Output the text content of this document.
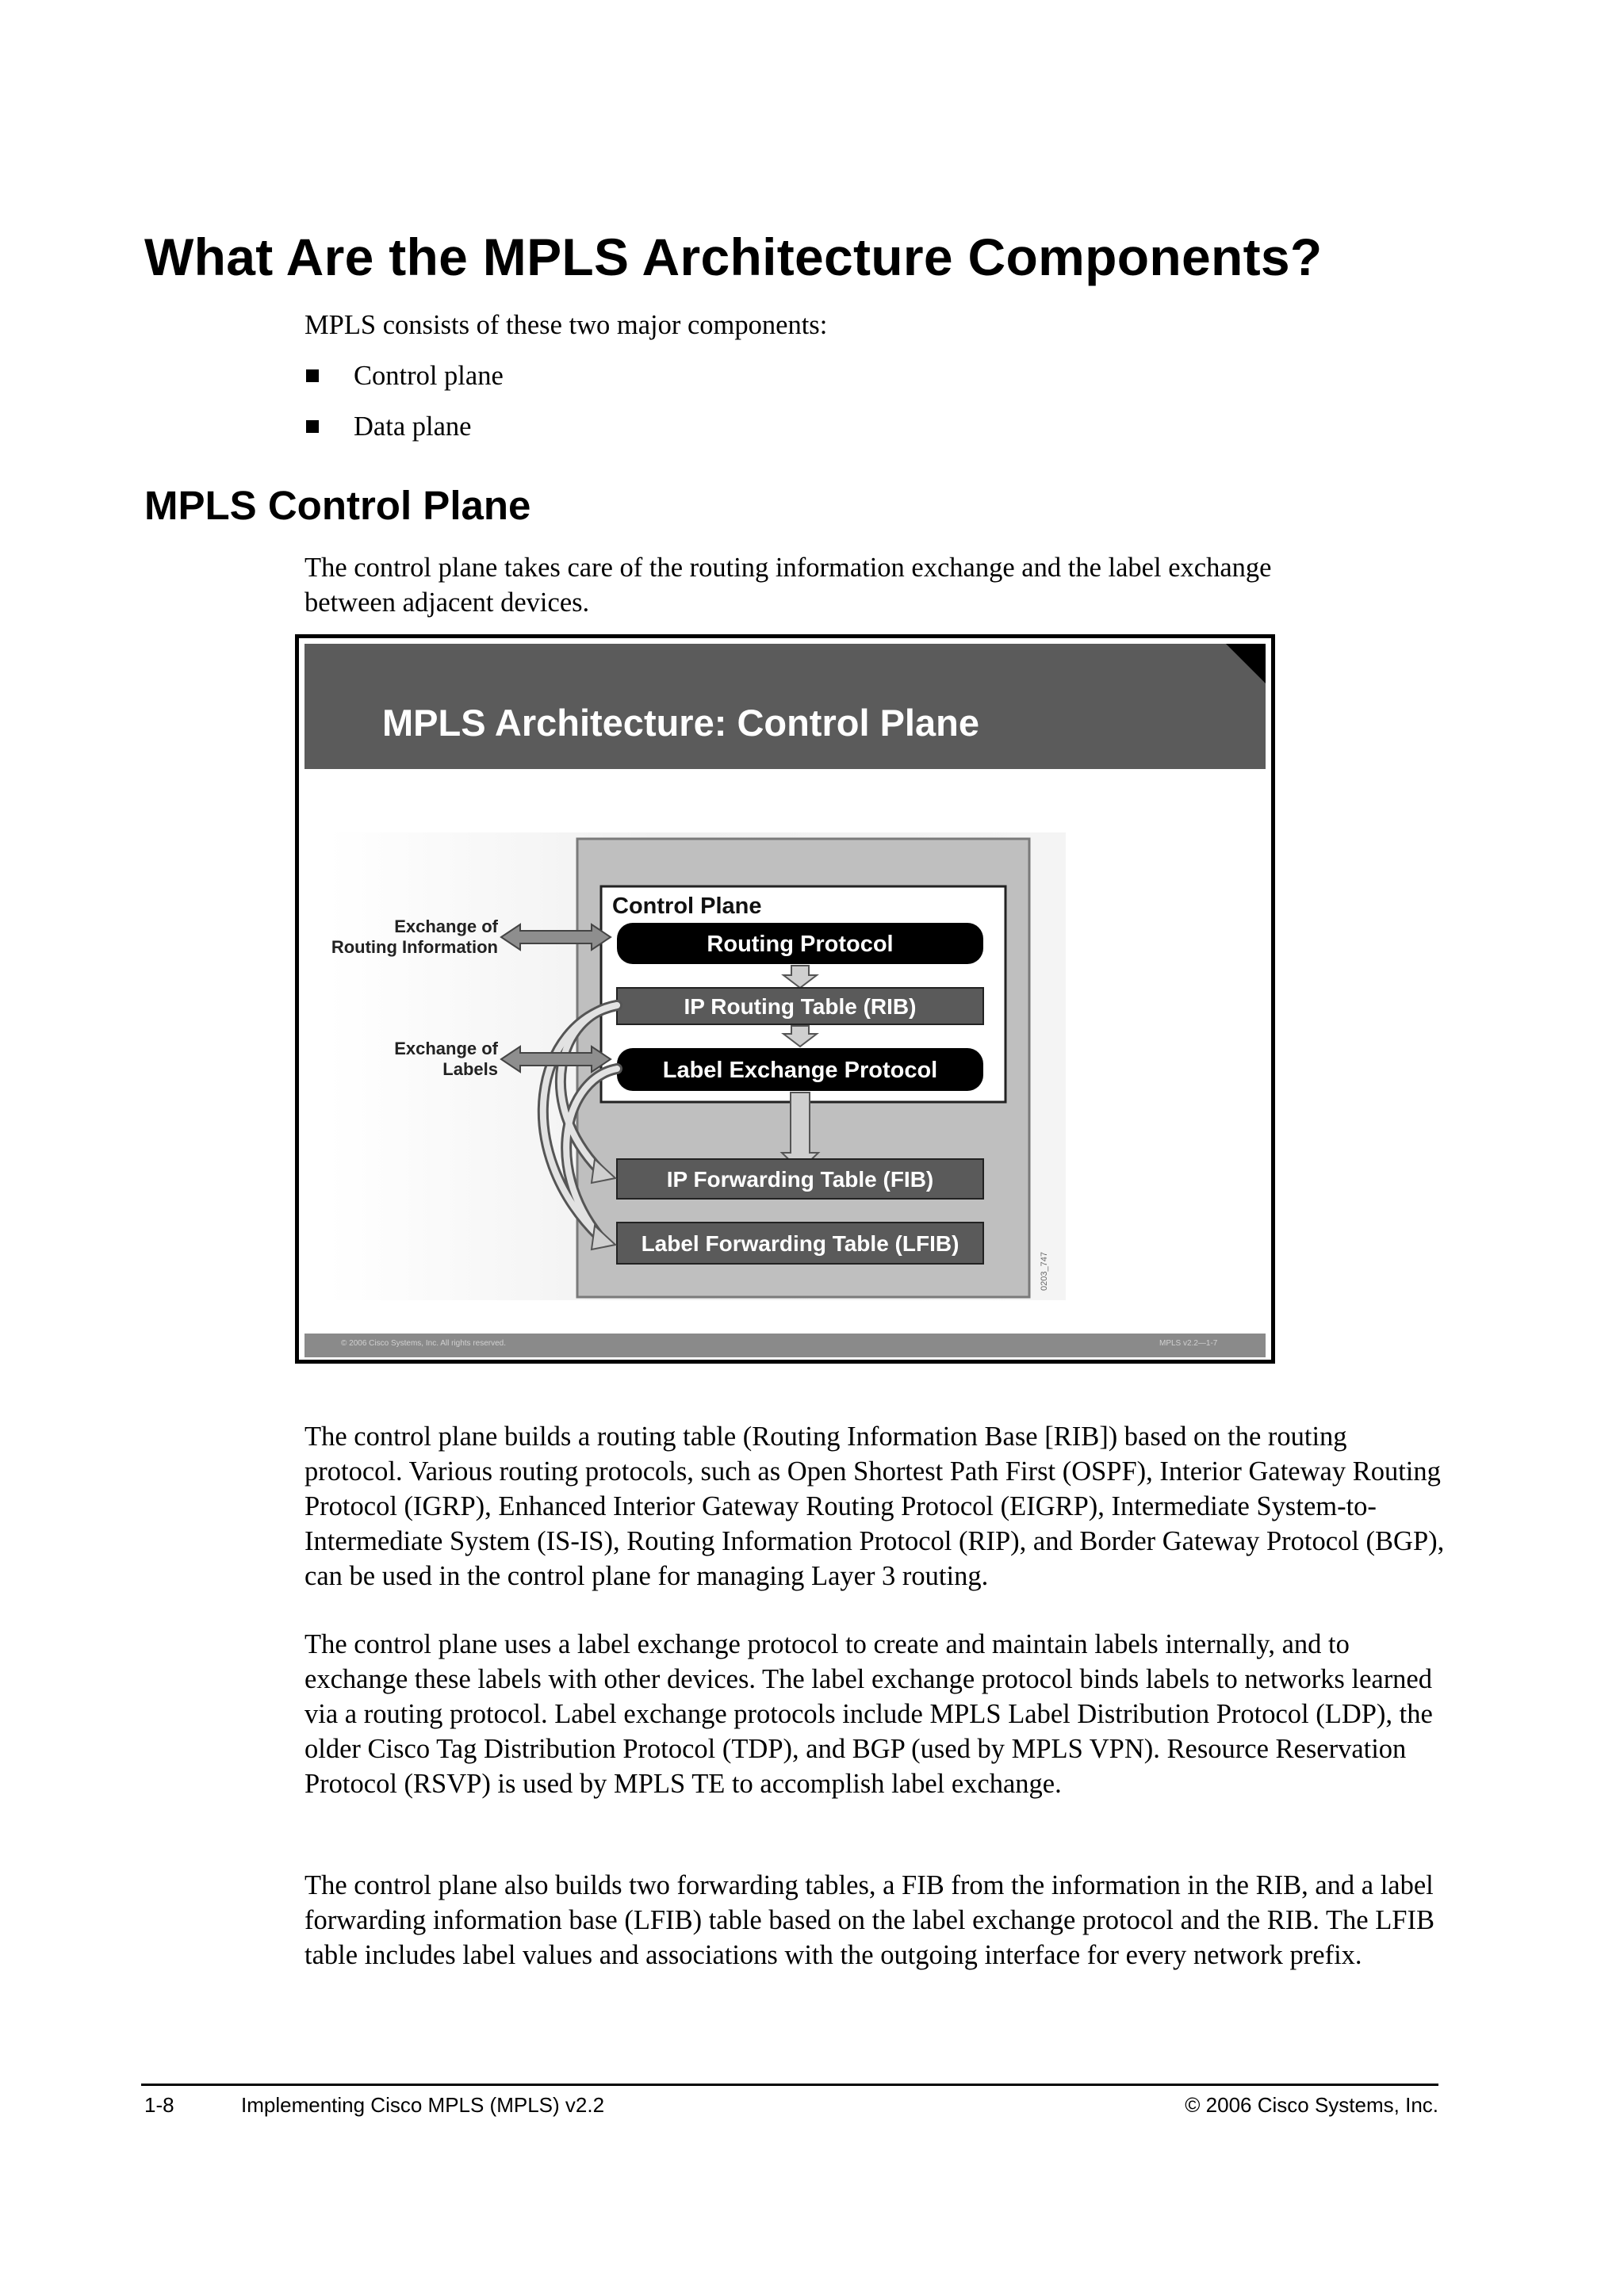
What Are the MPLS Architecture Components?
MPLS consists of these two major components:
Control plane
Data plane
MPLS Control Plane
The control plane takes care of the routing information exchange and the label exchange between adjacent devices.
MPLS Architecture: Control Plane
Control Plane
Routing Protocol
IP Routing Table (RIB)
Label Exchange Protocol
IP Forwarding Table (FIB)
Label Forwarding Table (LFIB)
Exchange of
Routing Information
Exchange of
Labels
0203_747
© 2006 Cisco Systems, Inc. All rights reserved.	MPLS v2.2—1-7
The control plane builds a routing table (Routing Information Base [RIB]) based on the routing protocol. Various routing protocols, such as Open Shortest Path First (OSPF), Interior Gateway Routing Protocol (IGRP), Enhanced Interior Gateway Routing Protocol (EIGRP), Intermediate System-to-Intermediate System (IS-IS), Routing Information Protocol (RIP), and Border Gateway Protocol (BGP), can be used in the control plane for managing Layer 3 routing.
The control plane uses a label exchange protocol to create and maintain labels internally, and to exchange these labels with other devices. The label exchange protocol binds labels to networks learned via a routing protocol. Label exchange protocols include MPLS Label Distribution Protocol (LDP), the older Cisco Tag Distribution Protocol (TDP), and BGP (used by MPLS VPN). Resource Reservation Protocol (RSVP) is used by MPLS TE to accomplish label exchange.
The control plane also builds two forwarding tables, a FIB from the information in the RIB, and a label forwarding information base (LFIB) table based on the label exchange protocol and the RIB. The LFIB table includes label values and associations with the outgoing interface for every network prefix.
1-8	Implementing Cisco MPLS (MPLS) v2.2	© 2006 Cisco Systems, Inc.
